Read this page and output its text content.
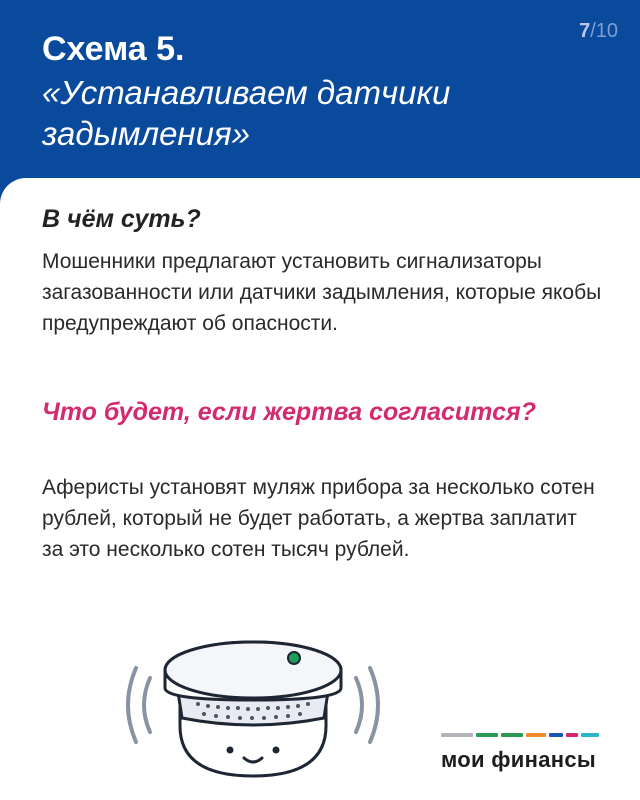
7/10
Схема 5.
«Устанавливаем датчики задымления»
В чём суть?
Мошенники предлагают установить сигнализаторы загазованности или датчики задымления, которые якобы предупреждают об опасности.
Что будет, если жертва согласится?
Аферисты установят муляж прибора за несколько сотен рублей, который не будет работать, а жертва заплатит за это несколько сотен тысяч рублей.
мои финансы
